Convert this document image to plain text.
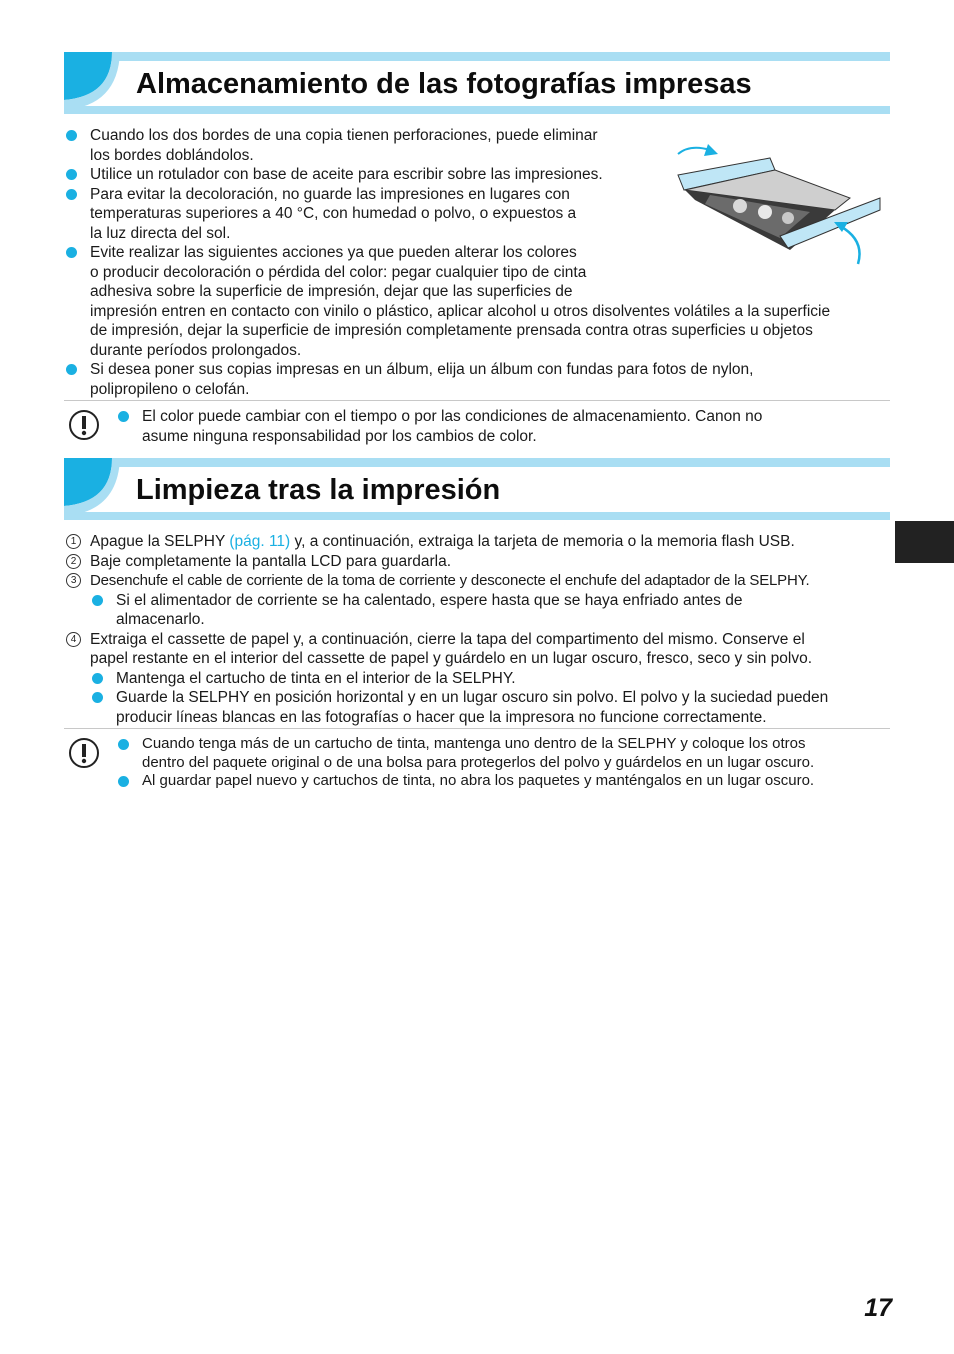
Almacenamiento de las fotografías impresas
Cuando los dos bordes de una copia tienen perforaciones, puede eliminar
los bordes doblándolos.
Utilice un rotulador con base de aceite para escribir sobre las impresiones.
Para evitar la decoloración, no guarde las impresiones en lugares con
temperaturas superiores a 40 °C, con humedad o polvo, o expuestos a
la luz directa del sol.
Evite realizar las siguientes acciones ya que pueden alterar los colores
o producir decoloración o pérdida del color: pegar cualquier tipo de cinta
adhesiva sobre la superficie de impresión, dejar que las superficies de
impresión entren en contacto con vinilo o plástico, aplicar alcohol u otros disolventes volátiles a la superficie
de impresión, dejar la superficie de impresión completamente prensada contra otras superficies u objetos
durante períodos prolongados.
Si desea poner sus copias impresas en un álbum, elija un álbum con fundas para fotos de nylon,
polipropileno o celofán.
El color puede cambiar con el tiempo o por las condiciones de almacenamiento. Canon no
asume ninguna responsabilidad por los cambios de color.
Limpieza tras la impresión
1 Apague la SELPHY (pág. 11) y, a continuación, extraiga la tarjeta de memoria o la memoria flash USB.
2 Baje completamente la pantalla LCD para guardarla.
3 Desenchufe el cable de corriente de la toma de corriente y desconecte el enchufe del adaptador de la SELPHY.
Si el alimentador de corriente se ha calentado, espere hasta que se haya enfriado antes de
almacenarlo.
4 Extraiga el cassette de papel y, a continuación, cierre la tapa del compartimento del mismo. Conserve el
papel restante en el interior del cassette de papel y guárdelo en un lugar oscuro, fresco, seco y sin polvo.
Mantenga el cartucho de tinta en el interior de la SELPHY.
Guarde la SELPHY en posición horizontal y en un lugar oscuro sin polvo. El polvo y la suciedad pueden
producir líneas blancas en las fotografías o hacer que la impresora no funcione correctamente.
Cuando tenga más de un cartucho de tinta, mantenga uno dentro de la SELPHY y coloque los otros
dentro del paquete original o de una bolsa para protegerlos del polvo y guárdelos en un lugar oscuro.
Al guardar papel nuevo y cartuchos de tinta, no abra los paquetes y manténgalos en un lugar oscuro.
17
